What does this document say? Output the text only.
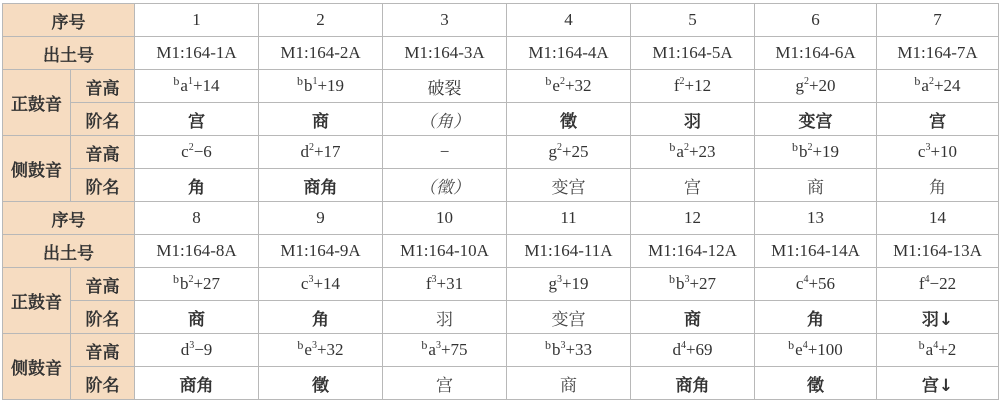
序号		1	2	3	4	5	6	7
出土号		M1:164-1A	M1:164-2A	M1:164-3A	M1:164-4A	M1:164-5A	M1:164-6A	M1:164-7A
正鼓音	音高	$^ba^1+14$	$^bb^1+19$	破裂	$^be^2+32$	$f^2+12$	$g^2+20$	$^ba^2+24$
	阶名	宫	商	（角）	徵	羽	变宫	宫
侧鼓音	音高	$c^2-6$	$d^2+17$	−	$g^2+25$	$^ba^2+23$	$^bb^2+19$	$c^3+10$
	阶名	角	商角	（徵）	变宫	宫	商	角
序号		8	9	10	11	12	13	14
出土号		M1:164-8A	M1:164-9A	M1:164-10A	M1:164-11A	M1:164-12A	M1:164-14A	M1:164-13A
正鼓音	音高	$^bb^2+27$	$c^3+14$	$f^3+31$	$g^3+19$	$^bb^3+27$	$c^4+56$	$f^4-22$
	阶名	商	角	羽	变宫	商	角	羽↓
侧鼓音	音高	$d^3-9$	$^be^3+32$	$^ba^3+75$	$^bb^3+33$	$d^4+69$	$^be^4+100$	$^ba^4+2$
	阶名	商角	徵	宫	商	商角	徵	宫↓
